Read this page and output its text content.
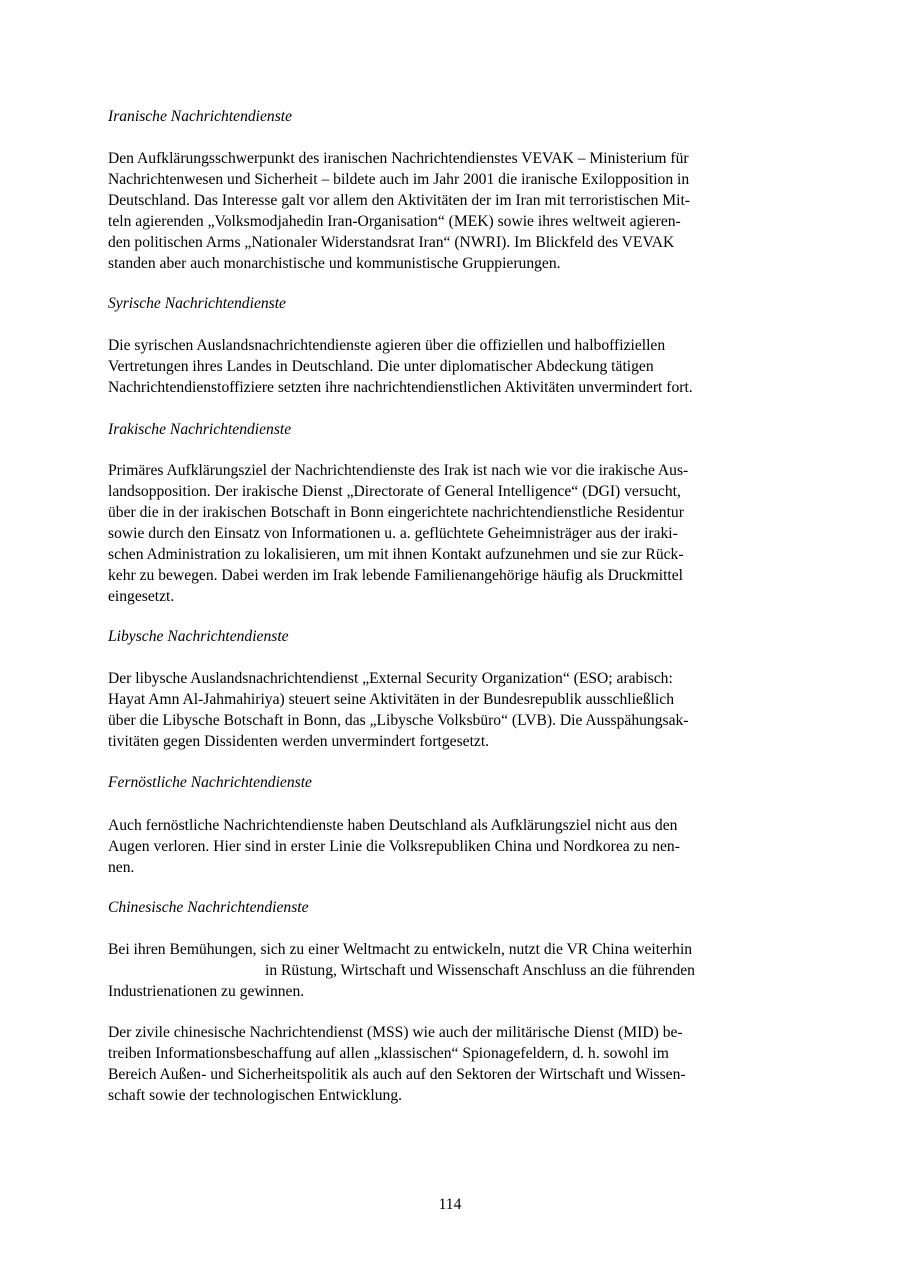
Iranische Nachrichtendienste
Den Aufklärungsschwerpunkt des iranischen Nachrichtendienstes VEVAK – Ministerium für
Nachrichtenwesen und Sicherheit – bildete auch im Jahr 2001 die iranische Exilopposition in
Deutschland. Das Interesse galt vor allem den Aktivitäten der im Iran mit terroristischen Mit-
teln agierenden „Volksmodjahedin Iran-Organisation“ (MEK) sowie ihres weltweit agieren-
den politischen Arms „Nationaler Widerstandsrat Iran“ (NWRI). Im Blickfeld des VEVAK
standen aber auch monarchistische und kommunistische Gruppierungen.
Syrische Nachrichtendienste
Die syrischen Auslandsnachrichtendienste agieren über die offiziellen und halboffiziellen
Vertretungen ihres Landes in Deutschland. Die unter diplomatischer Abdeckung tätigen
Nachrichtendienstoffiziere setzten ihre nachrichtendienstlichen Aktivitäten unvermindert fort.
Irakische Nachrichtendienste
Primäres Aufklärungsziel der Nachrichtendienste des Irak ist nach wie vor die irakische Aus-
landsopposition. Der irakische Dienst „Directorate of General Intelligence“ (DGI) versucht,
über die in der irakischen Botschaft in Bonn eingerichtete nachrichtendienstliche Residentur
sowie durch den Einsatz von Informationen u. a. geflüchtete Geheimnisträger aus der iraki-
schen Administration zu lokalisieren, um mit ihnen Kontakt aufzunehmen und sie zur Rück-
kehr zu bewegen. Dabei werden im Irak lebende Familienangehörige häufig als Druckmittel
eingesetzt.
Libysche Nachrichtendienste
Der libysche Auslandsnachrichtendienst „External Security Organization“ (ESO; arabisch:
Hayat Amn Al-Jahmahiriya) steuert seine Aktivitäten in der Bundesrepublik ausschließlich
über die Libysche Botschaft in Bonn, das „Libysche Volksbüro“ (LVB). Die Ausspähungsak-
tivitäten gegen Dissidenten werden unvermindert fortgesetzt.
Fernöstliche Nachrichtendienste
Auch fernöstliche Nachrichtendienste haben Deutschland als Aufklärungsziel nicht aus den
Augen verloren. Hier sind in erster Linie die Volksrepubliken China und Nordkorea zu nen-
nen.
Chinesische Nachrichtendienste
Bei ihren Bemühungen, sich zu einer Weltmacht zu entwickeln, nutzt die VR China weiterhin
in Rüstung, Wirtschaft und Wissenschaft Anschluss an die führenden
Industrienationen zu gewinnen.
Der zivile chinesische Nachrichtendienst (MSS) wie auch der militärische Dienst (MID) be-
treiben Informationsbeschaffung auf allen „klassischen“ Spionagefeldern, d. h. sowohl im
Bereich Außen- und Sicherheitspolitik als auch auf den Sektoren der Wirtschaft und Wissen-
schaft sowie der technologischen Entwicklung.
114
